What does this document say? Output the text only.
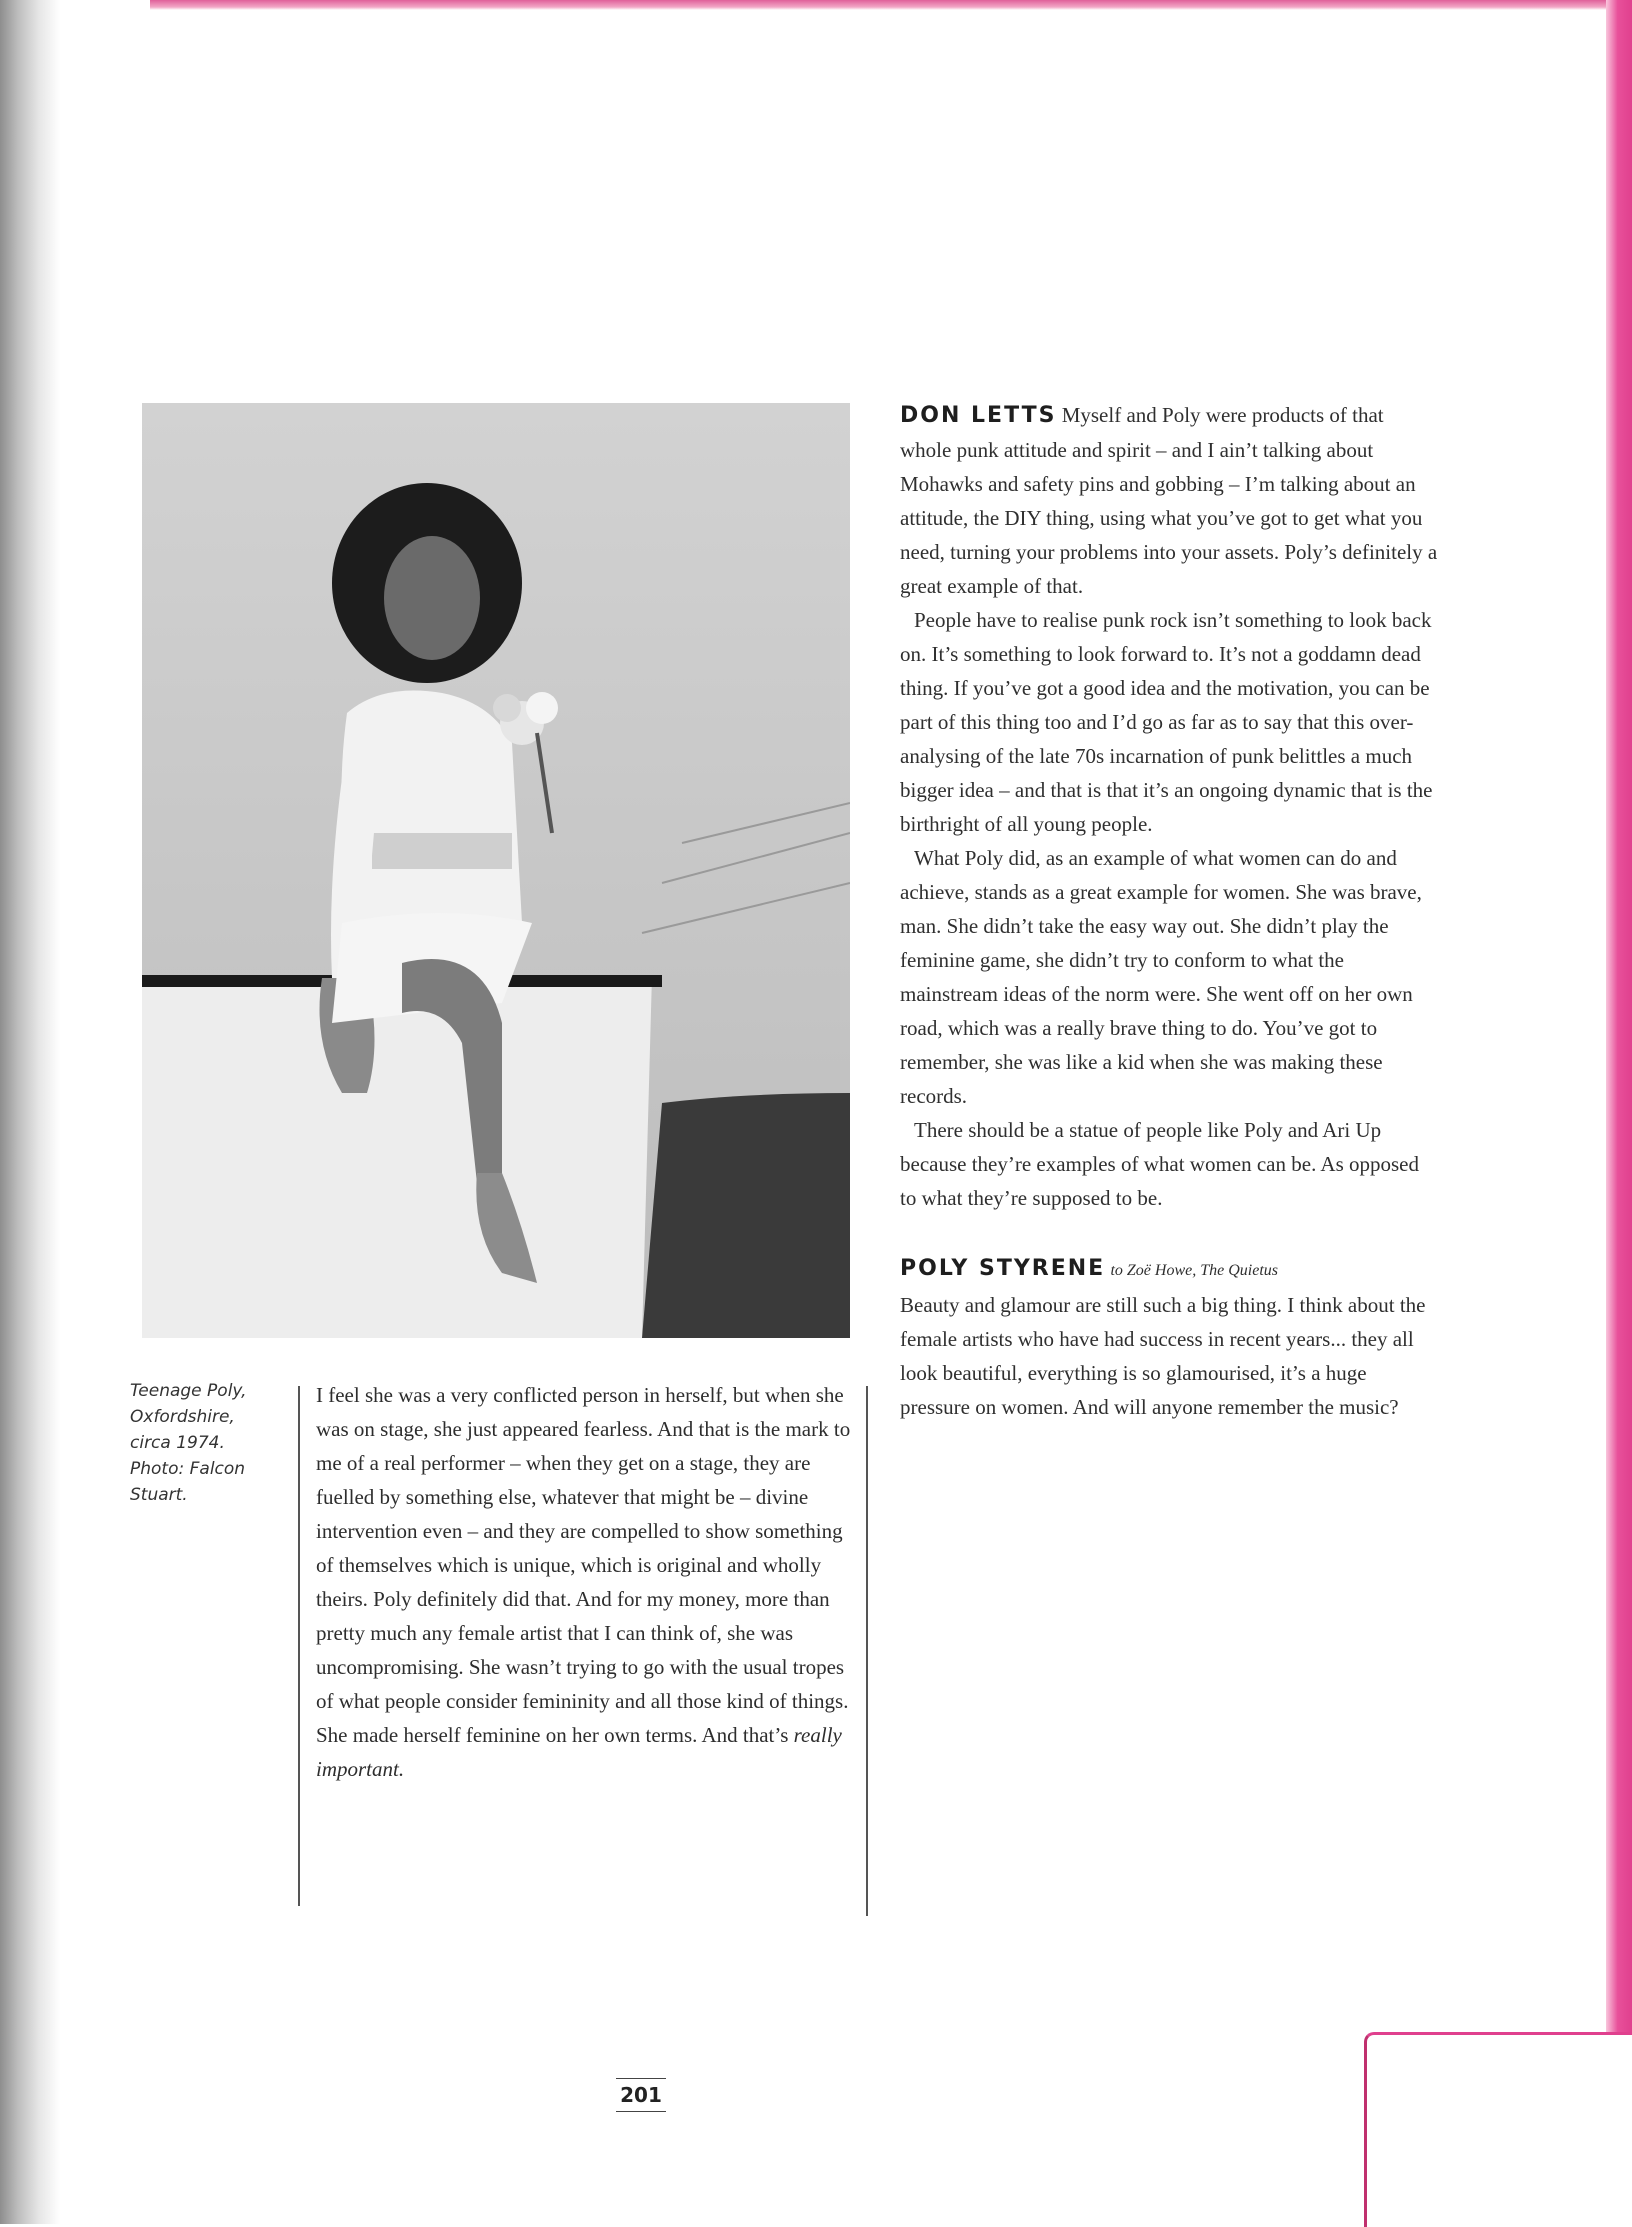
Teenage Poly,
Oxfordshire,
circa 1974.
Photo: Falcon
Stuart.
I feel she was a very conflicted person in herself, but when she was on stage, she just appeared fearless. And that is the mark to me of a real performer – when they get on a stage, they are fuelled by something else, whatever that might be – divine intervention even – and they are compelled to show something of themselves which is unique, which is original and wholly theirs. Poly definitely did that. And for my money, more than pretty much any female artist that I can think of, she was uncompromising. She wasn’t trying to go with the usual tropes of what people consider femininity and all those kind of things. She made herself feminine on her own terms. And that’s really important.

DON LETTS Myself and Poly were products of that whole punk attitude and spirit – and I ain’t talking about Mohawks and safety pins and gobbing – I’m talking about an attitude, the DIY thing, using what you’ve got to get what you need, turning your problems into your assets. Poly’s definitely a great example of that.

People have to realise punk rock isn’t something to look back on. It’s something to look forward to. It’s not a goddamn dead thing. If you’ve got a good idea and the motivation, you can be part of this thing too and I’d go as far as to say that this over-analysing of the late 70s incarnation of punk belittles a much bigger idea – and that is that it’s an ongoing dynamic that is the birthright of all young people.

What Poly did, as an example of what women can do and achieve, stands as a great example for women. She was brave, man. She didn’t take the easy way out. She didn’t play the feminine game, she didn’t try to conform to what the mainstream ideas of the norm were. She went off on her own road, which was a really brave thing to do. You’ve got to remember, she was like a kid when she was making these records.

There should be a statue of people like Poly and Ari Up because they’re examples of what women can be. As opposed to what they’re supposed to be.

POLY STYRENE to Zoë Howe, The Quietus
Beauty and glamour are still such a big thing. I think about the female artists who have had success in recent years... they all look beautiful, everything is so glamourised, it’s a huge pressure on women. And will anyone remember the music?
201
